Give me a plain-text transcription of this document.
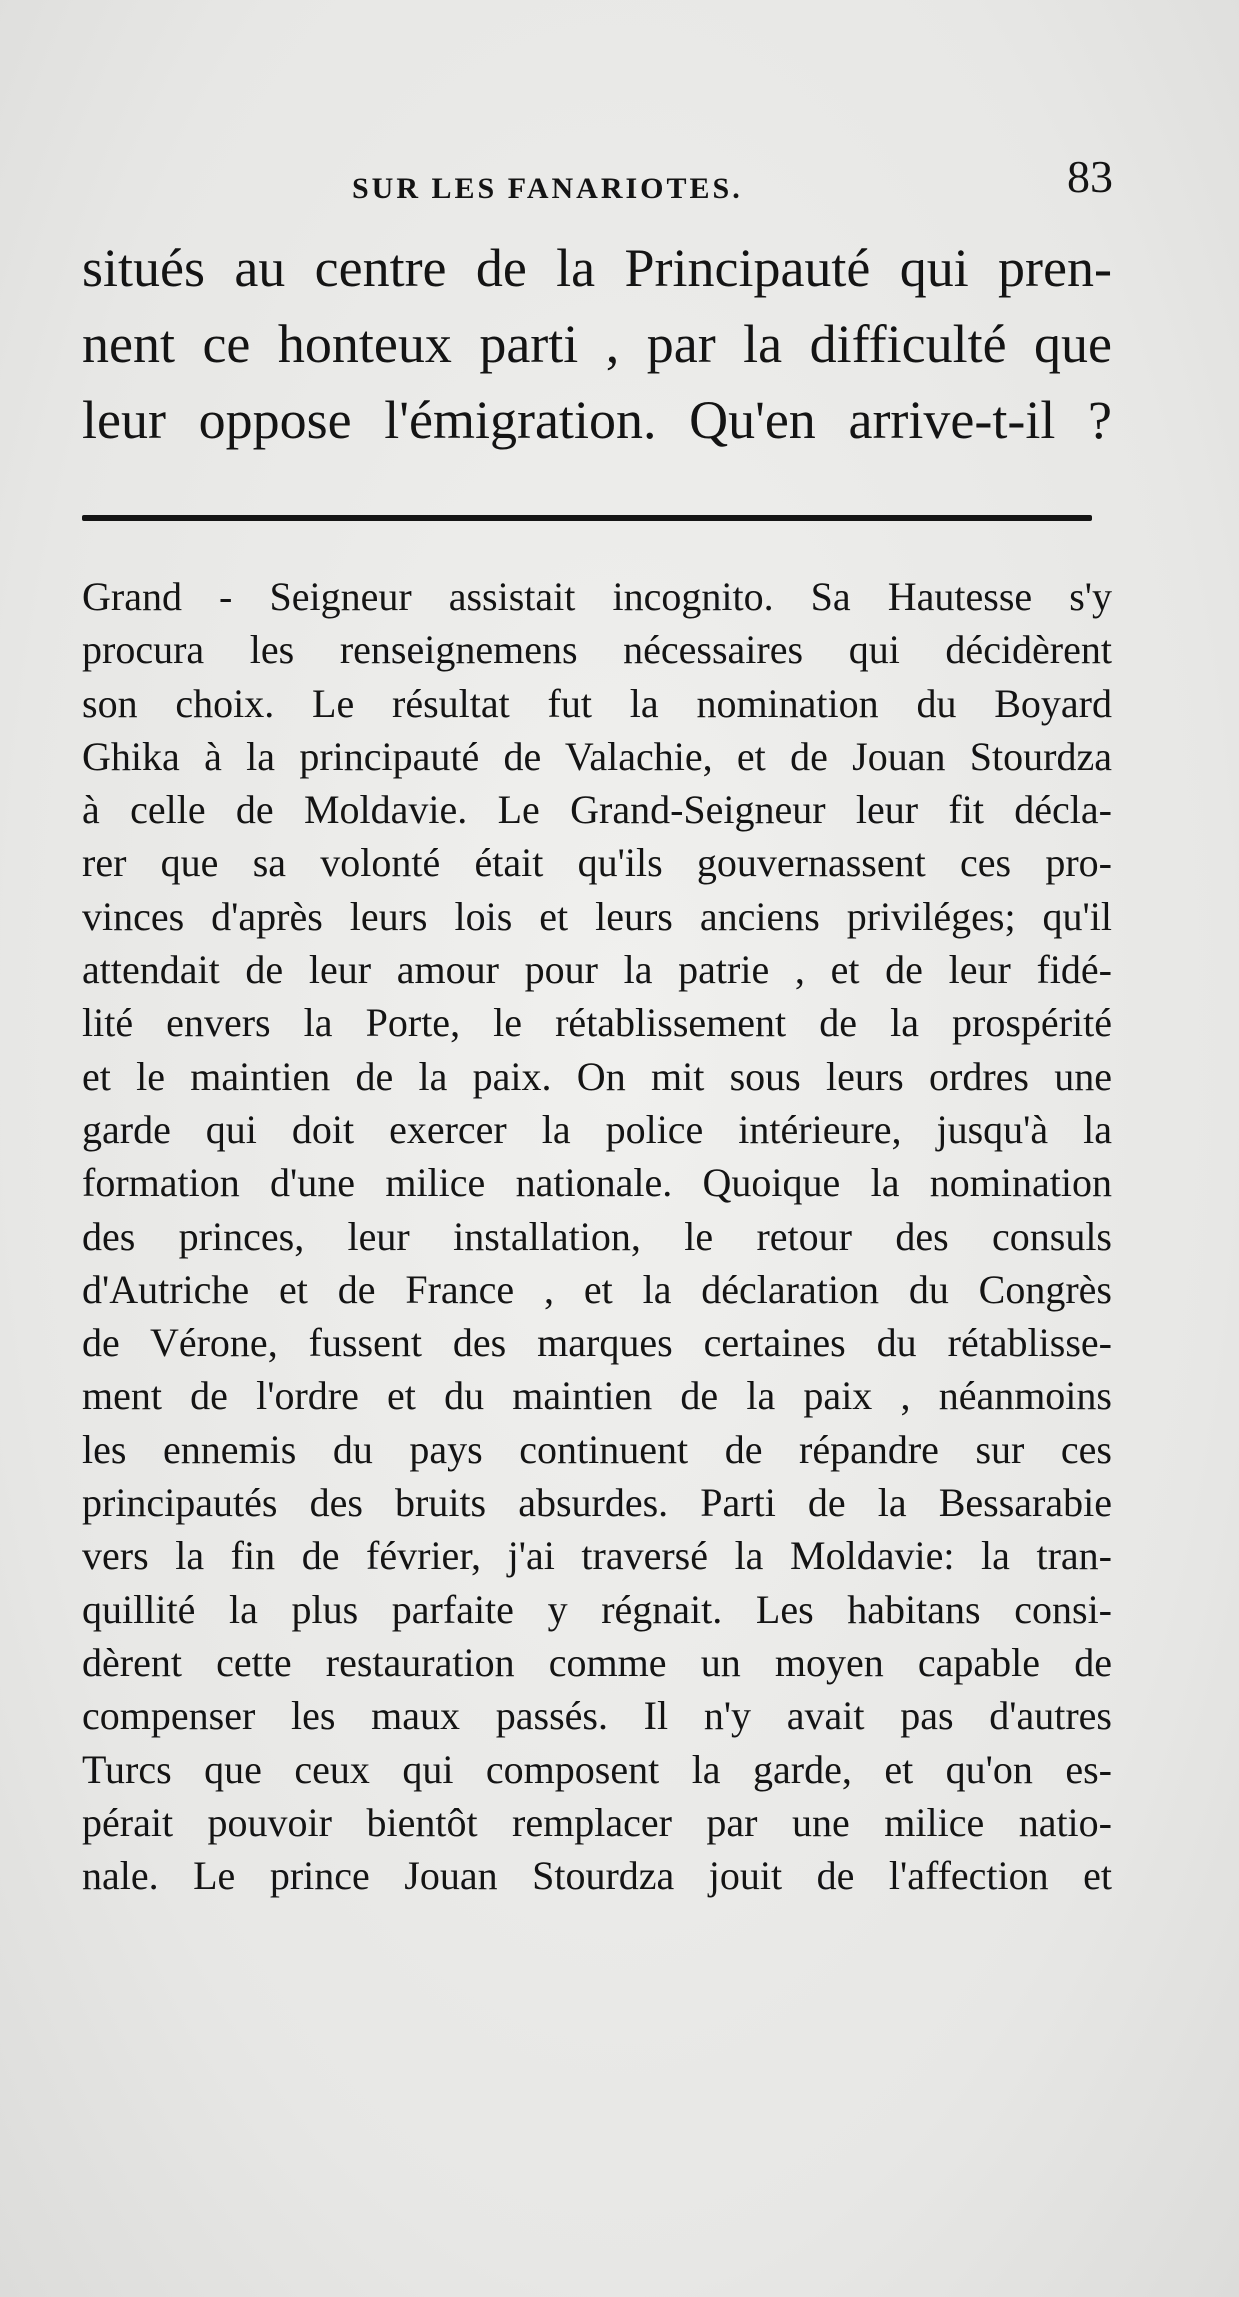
SUR LES FANARIOTES.	83
situés au centre de la Principauté qui pren-
nent ce honteux parti , par la difficulté que
leur oppose l'émigration. Qu'en arrive-t-il ?
Grand - Seigneur assistait incognito. Sa Hautesse s'y
procura les renseignemens nécessaires qui décidèrent
son choix. Le résultat fut la nomination du Boyard
Ghika à la principauté de Valachie, et de Jouan Stourdza
à celle de Moldavie. Le Grand-Seigneur leur fit décla-
rer que sa volonté était qu'ils gouvernassent ces pro-
vinces d'après leurs lois et leurs anciens priviléges; qu'il
attendait de leur amour pour la patrie , et de leur fidé-
lité envers la Porte, le rétablissement de la prospérité
et le maintien de la paix. On mit sous leurs ordres une
garde qui doit exercer la police intérieure, jusqu'à la
formation d'une milice nationale. Quoique la nomination
des princes, leur installation, le retour des consuls
d'Autriche et de France , et la déclaration du Congrès
de Vérone, fussent des marques certaines du rétablisse-
ment de l'ordre et du maintien de la paix , néanmoins
les ennemis du pays continuent de répandre sur ces
principautés des bruits absurdes. Parti de la Bessarabie
vers la fin de février, j'ai traversé la Moldavie: la tran-
quillité la plus parfaite y régnait. Les habitans consi-
dèrent cette restauration comme un moyen capable de
compenser les maux passés. Il n'y avait pas d'autres
Turcs que ceux qui composent la garde, et qu'on es-
pérait pouvoir bientôt remplacer par une milice natio-
nale. Le prince Jouan Stourdza jouit de l'affection et
